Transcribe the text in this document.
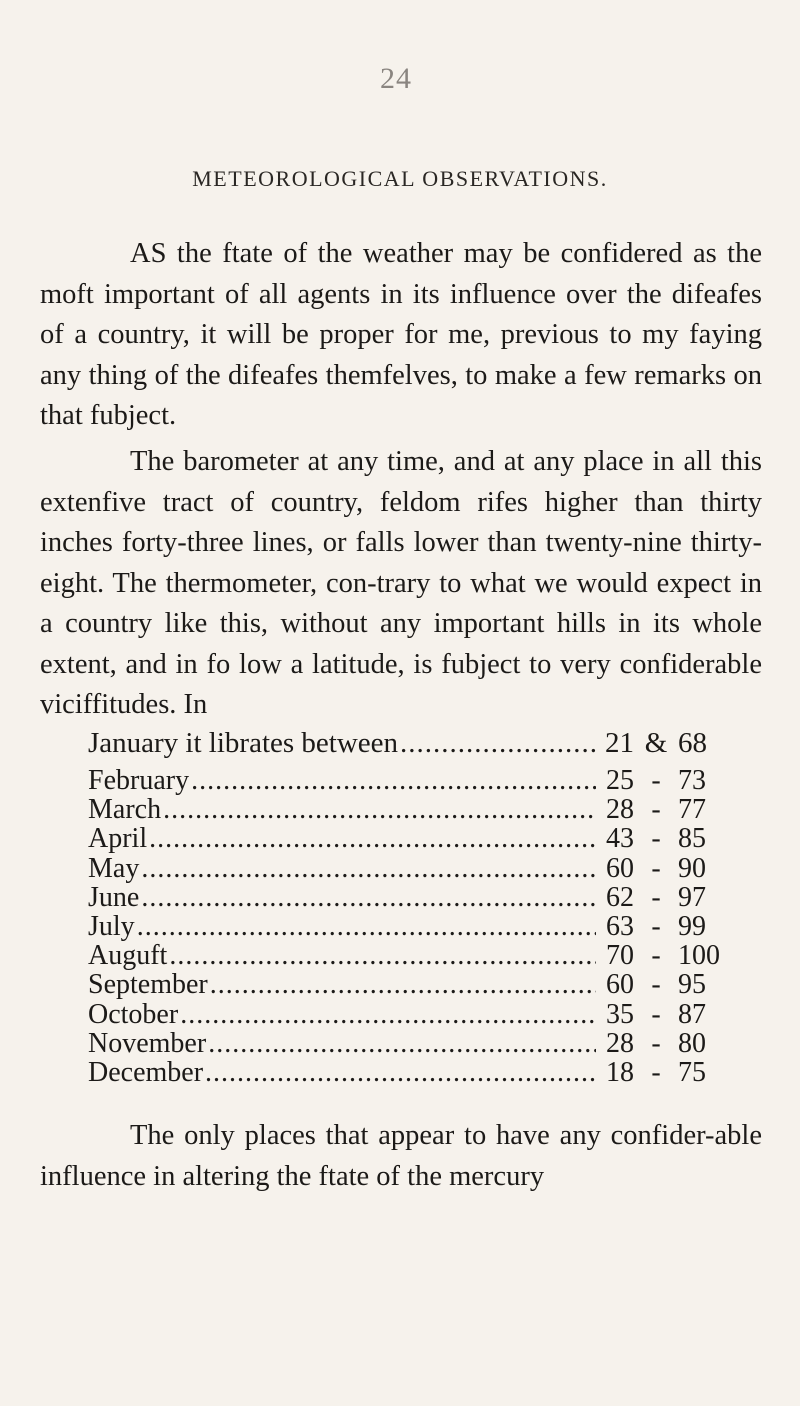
24
METEOROLOGICAL OBSERVATIONS.

AS the ftate of the weather may be confidered as the moft important of all agents in its influence over the difeafes of a country, it will be proper for me, previous to my faying any thing of the difeafes themfelves, to make a few remarks on that fubject.

The barometer at any time, and at any place in all this extenfive tract of country, feldom rifes higher than thirty inches forty-three lines, or falls lower than twenty-nine thirty-eight. The thermometer, con-trary to what we would expect in a country like this, without any important hills in its whole extent, and in fo low a latitude, is fubject to very confiderable viciffitudes. In

January it librates between .....	21 & 68
February .....	25 - 73
March .....	28 - 77
April .....	43 - 85
May .....	60 - 90
June .....	62 - 97
July .....	63 - 99
Auguft .....	70 - 100
September .....	60 - 95
October .....	35 - 87
November .....	28 - 80
December .....	18 - 75

The only places that appear to have any confider-able influence in altering the ftate of the mercury
